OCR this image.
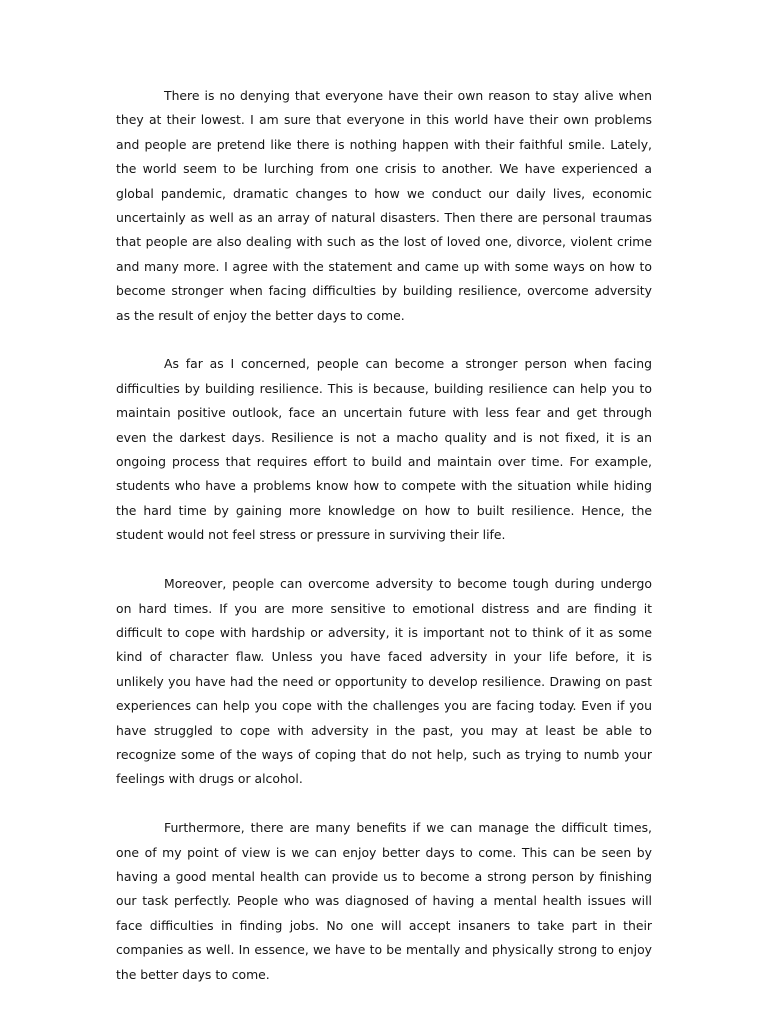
There is no denying that everyone have their own reason to stay alive when they at their lowest. I am sure that everyone in this world have their own problems and people are pretend like there is nothing happen with their faithful smile. Lately, the world seem to be lurching from one crisis to another. We have experienced a global pandemic, dramatic changes to how we conduct our daily lives, economic uncertainly as well as an array of natural disasters. Then there are personal traumas that people are also dealing with such as the lost of loved one, divorce, violent crime and many more. I agree with the statement and came up with some ways on how to become stronger when facing difficulties by building resilience, overcome adversity as the result of enjoy the better days to come.

As far as I concerned, people can become a stronger person when facing difficulties by building resilience. This is because, building resilience can help you to maintain positive outlook, face an uncertain future with less fear and get through even the darkest days. Resilience is not a macho quality and is not fixed, it is an ongoing process that requires effort to build and maintain over time. For example, students who have a problems know how to compete with the situation while hiding the hard time by gaining more knowledge on how to built resilience. Hence, the student would not feel stress or pressure in surviving their life.

Moreover, people can overcome adversity to become tough during undergo on hard times. If you are more sensitive to emotional distress and are finding it difficult to cope with hardship or adversity, it is important not to think of it as some kind of character flaw. Unless you have faced adversity in your life before, it is unlikely you have had the need or opportunity to develop resilience. Drawing on past experiences can help you cope with the challenges you are facing today. Even if you have struggled to cope with adversity in the past, you may at least be able to recognize some of the ways of coping that do not help, such as trying to numb your feelings with drugs or alcohol.

Furthermore, there are many benefits if we can manage the difficult times, one of my point of view is we can enjoy better days to come. This can be seen by having a good mental health can provide us to become a strong person by finishing our task perfectly. People who was diagnosed of having a mental health issues will face difficulties in finding jobs. No one will accept insaners to take part in their companies as well. In essence, we have to be mentally and physically strong to enjoy the better days to come.
